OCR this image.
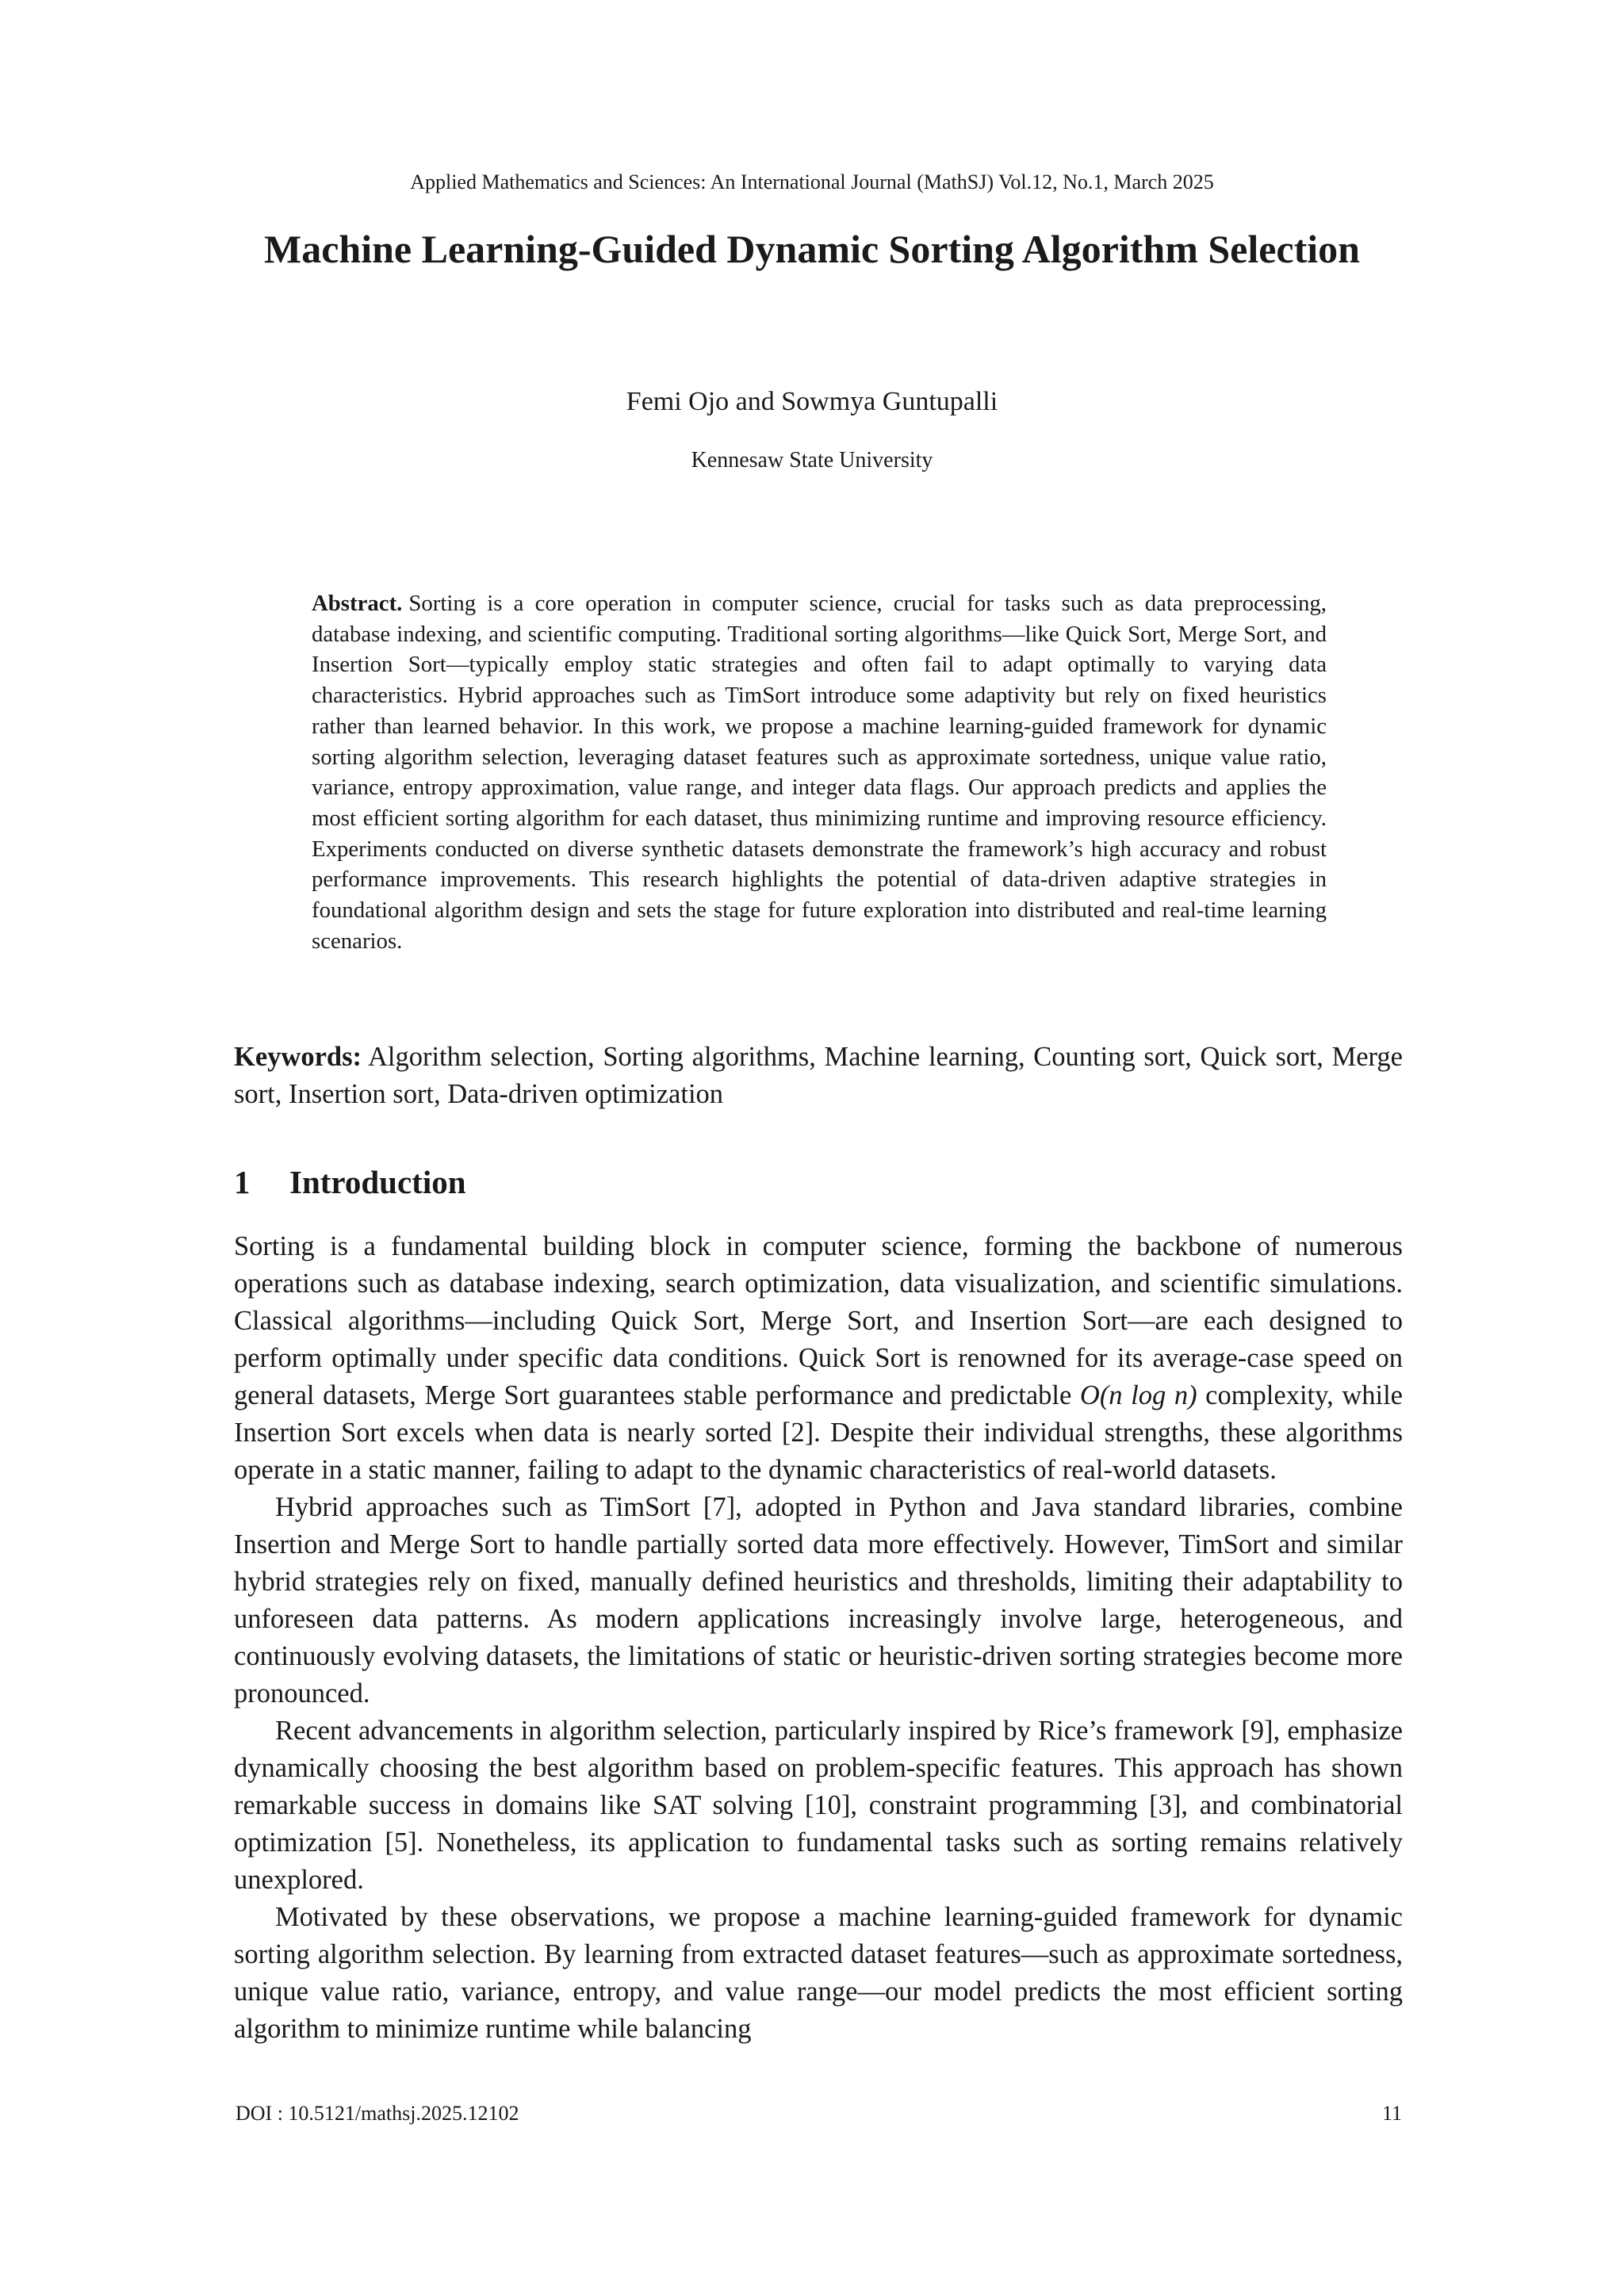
Applied Mathematics and Sciences: An International Journal (MathSJ) Vol.12, No.1, March 2025
Machine Learning-Guided Dynamic Sorting Algorithm Selection
Femi Ojo and Sowmya Guntupalli
Kennesaw State University

Abstract. Sorting is a core operation in computer science, crucial for tasks such as data preprocessing, database indexing, and scientific computing. Traditional sorting algorithms—like Quick Sort, Merge Sort, and Insertion Sort—typically employ static strategies and often fail to adapt optimally to varying data characteristics. Hybrid approaches such as TimSort introduce some adaptivity but rely on fixed heuristics rather than learned behavior. In this work, we propose a machine learning-guided framework for dynamic sorting algorithm selection, leveraging dataset features such as approximate sortedness, unique value ratio, variance, entropy approximation, value range, and integer data flags. Our approach predicts and applies the most efficient sorting algorithm for each dataset, thus minimizing runtime and improving resource efficiency. Experiments conducted on diverse synthetic datasets demonstrate the framework’s high accuracy and robust performance improvements. This research highlights the potential of data-driven adaptive strategies in foundational algorithm design and sets the stage for future exploration into distributed and real-time learning scenarios.

Keywords: Algorithm selection, Sorting algorithms, Machine learning, Counting sort, Quick sort, Merge sort, Insertion sort, Data-driven optimization

1 Introduction

Sorting is a fundamental building block in computer science, forming the backbone of numerous operations such as database indexing, search optimization, data visualization, and scientific simulations. Classical algorithms—including Quick Sort, Merge Sort, and Insertion Sort—are each designed to perform optimally under specific data conditions. Quick Sort is renowned for its average-case speed on general datasets, Merge Sort guarantees stable performance and predictable O(n log n) complexity, while Insertion Sort excels when data is nearly sorted [2]. Despite their individual strengths, these algorithms operate in a static manner, failing to adapt to the dynamic characteristics of real-world datasets.

Hybrid approaches such as TimSort [7], adopted in Python and Java standard libraries, combine Insertion and Merge Sort to handle partially sorted data more effectively. However, TimSort and similar hybrid strategies rely on fixed, manually defined heuristics and thresholds, limiting their adaptability to unforeseen data patterns. As modern applications increasingly involve large, heterogeneous, and continuously evolving datasets, the limitations of static or heuristic-driven sorting strategies become more pronounced.

Recent advancements in algorithm selection, particularly inspired by Rice’s framework [9], emphasize dynamically choosing the best algorithm based on problem-specific features. This approach has shown remarkable success in domains like SAT solving [10], constraint programming [3], and combinatorial optimization [5]. Nonetheless, its application to fundamental tasks such as sorting remains relatively unexplored.

Motivated by these observations, we propose a machine learning-guided framework for dynamic sorting algorithm selection. By learning from extracted dataset features—such as approximate sortedness, unique value ratio, variance, entropy, and value range—our model predicts the most efficient sorting algorithm to minimize runtime while balancing

DOI : 10.5121/mathsj.2025.12102	11
